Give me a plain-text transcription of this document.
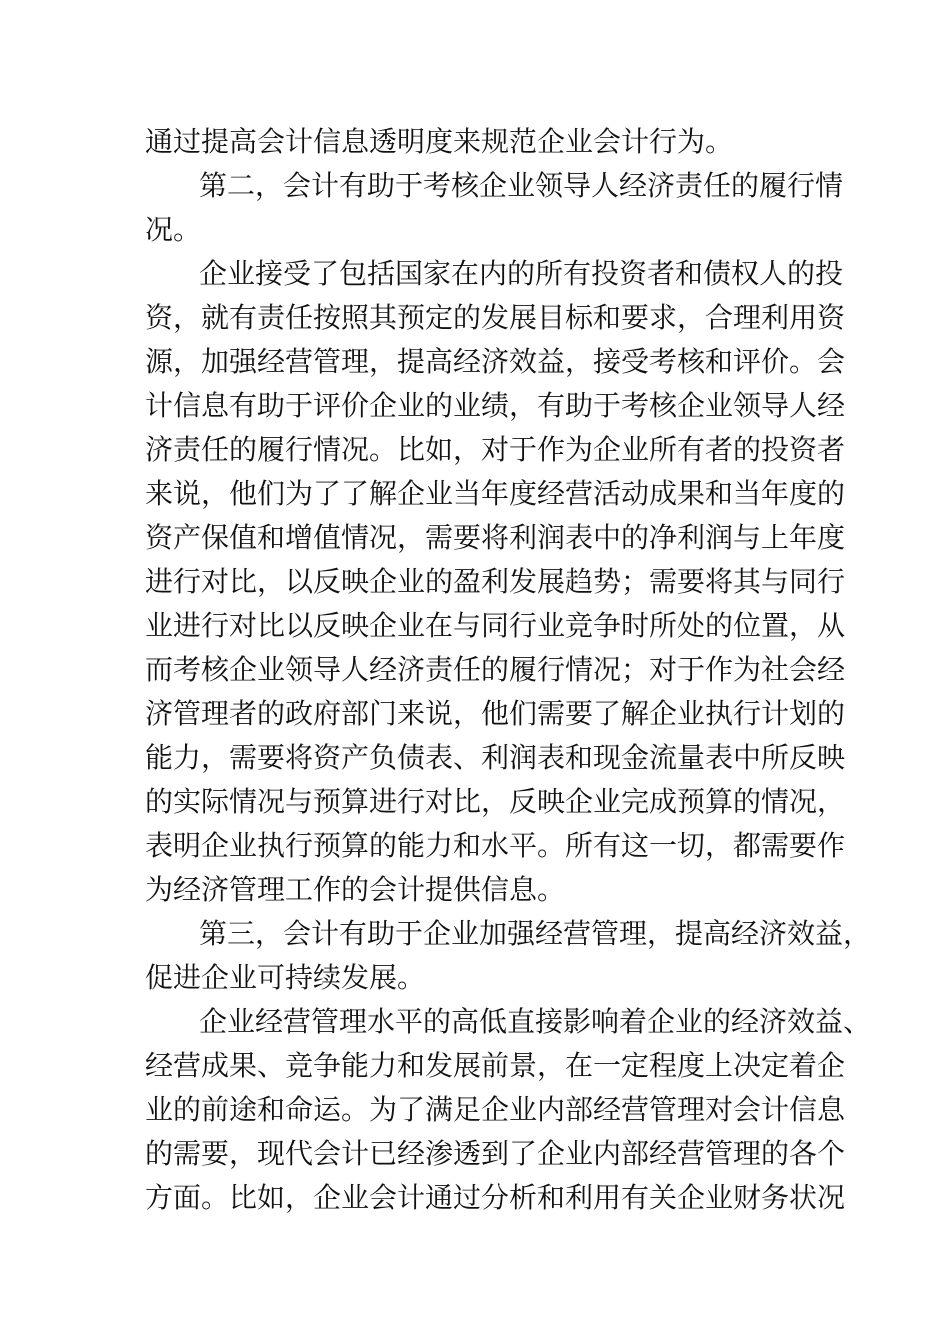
通过提高会计信息透明度来规范企业会计行为。
第二，会计有助于考核企业领导人经济责任的履行情
况。
企业接受了包括国家在内的所有投资者和债权人的投
资，就有责任按照其预定的发展目标和要求，合理利用资
源，加强经营管理，提高经济效益，接受考核和评价。会
计信息有助于评价企业的业绩，有助于考核企业领导人经
济责任的履行情况。比如，对于作为企业所有者的投资者
来说，他们为了了解企业当年度经营活动成果和当年度的
资产保值和增值情况，需要将利润表中的净利润与上年度
进行对比，以反映企业的盈利发展趋势；需要将其与同行
业进行对比以反映企业在与同行业竞争时所处的位置，从
而考核企业领导人经济责任的履行情况；对于作为社会经
济管理者的政府部门来说，他们需要了解企业执行计划的
能力，需要将资产负债表、利润表和现金流量表中所反映
的实际情况与预算进行对比，反映企业完成预算的情况，
表明企业执行预算的能力和水平。所有这一切，都需要作
为经济管理工作的会计提供信息。
第三，会计有助于企业加强经营管理，提高经济效益，
促进企业可持续发展。
企业经营管理水平的高低直接影响着企业的经济效益、
经营成果、竞争能力和发展前景，在一定程度上决定着企
业的前途和命运。为了满足企业内部经营管理对会计信息
的需要，现代会计已经渗透到了企业内部经营管理的各个
方面。比如，企业会计通过分析和利用有关企业财务状况
